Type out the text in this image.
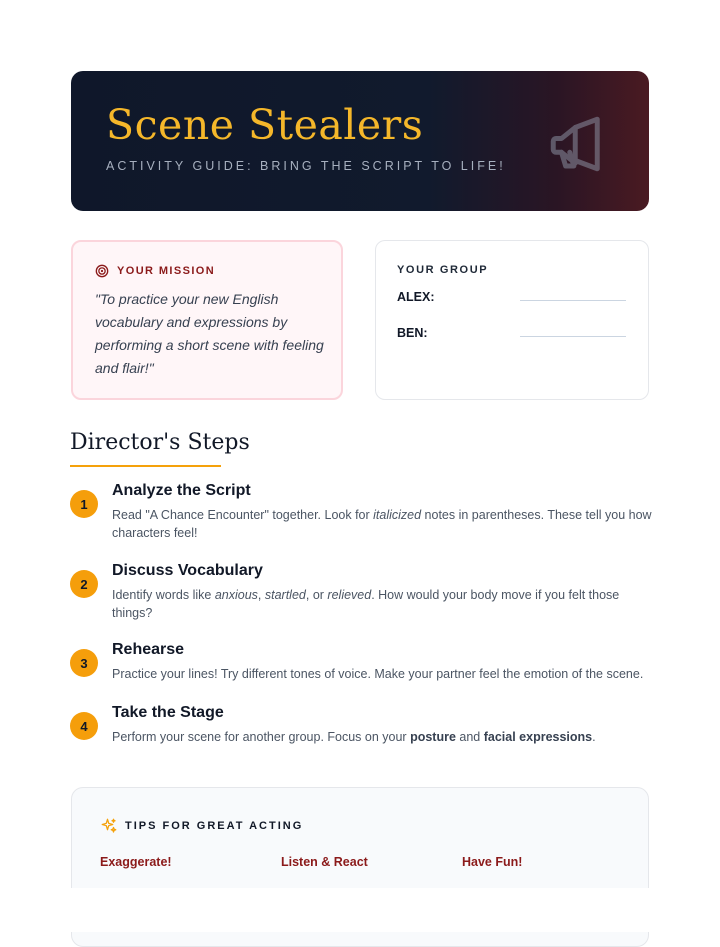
Scene Stealers
ACTIVITY GUIDE: BRING THE SCRIPT TO LIFE!
YOUR MISSION
"To practice your new English vocabulary and expressions by performing a short scene with feeling and flair!"
YOUR GROUP
ALEX:
BEN:
Director's Steps
1
Analyze the Script
Read "A Chance Encounter" together. Look for italicized notes in parentheses. These tell you how characters feel!
2
Discuss Vocabulary
Identify words like anxious, startled, or relieved. How would your body move if you felt those things?
3
Rehearse
Practice your lines! Try different tones of voice. Make your partner feel the emotion of the scene.
4
Take the Stage
Perform your scene for another group. Focus on your posture and facial expressions.
TIPS FOR GREAT ACTING
Exaggerate!	Listen & React	Have Fun!
